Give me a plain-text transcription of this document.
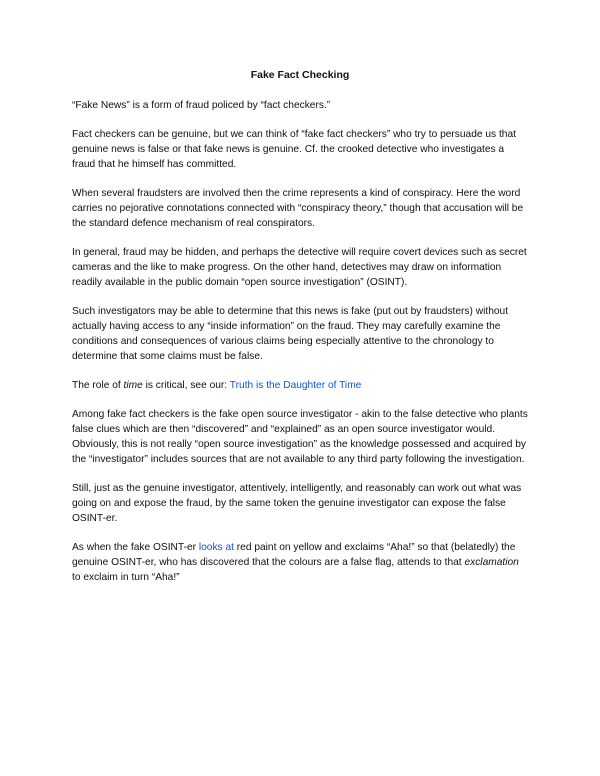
Fake Fact Checking

“Fake News” is a form of fraud policed by “fact checkers.”

Fact checkers can be genuine, but we can think of “fake fact checkers” who try to persuade us that genuine news is false or that fake news is genuine. Cf. the crooked detective who investigates a fraud that he himself has committed.

When several fraudsters are involved then the crime represents a kind of conspiracy. Here the word carries no pejorative connotations connected with “conspiracy theory,” though that accusation will be the standard defence mechanism of real conspirators.

In general, fraud may be hidden, and perhaps the detective will require covert devices such as secret cameras and the like to make progress. On the other hand, detectives may draw on information readily available in the public domain “open source investigation” (OSINT).

Such investigators may be able to determine that this news is fake (put out by fraudsters) without actually having access to any “inside information” on the fraud. They may carefully examine the conditions and consequences of various claims being especially attentive to the chronology to determine that some claims must be false.

The role of time is critical, see our: Truth is the Daughter of Time

Among fake fact checkers is the fake open source investigator - akin to the false detective who plants false clues which are then “discovered” and “explained” as an open source investigator would. Obviously, this is not really “open source investigation” as the knowledge possessed and acquired by the “investigator” includes sources that are not available to any third party following the investigation.

Still, just as the genuine investigator, attentively, intelligently, and reasonably can work out what was going on and expose the fraud, by the same token the genuine investigator can expose the false OSINT-er.

As when the fake OSINT-er looks at red paint on yellow and exclaims “Aha!” so that (belatedly) the genuine OSINT-er, who has discovered that the colours are a false flag, attends to that exclamation to exclaim in turn “Aha!”
